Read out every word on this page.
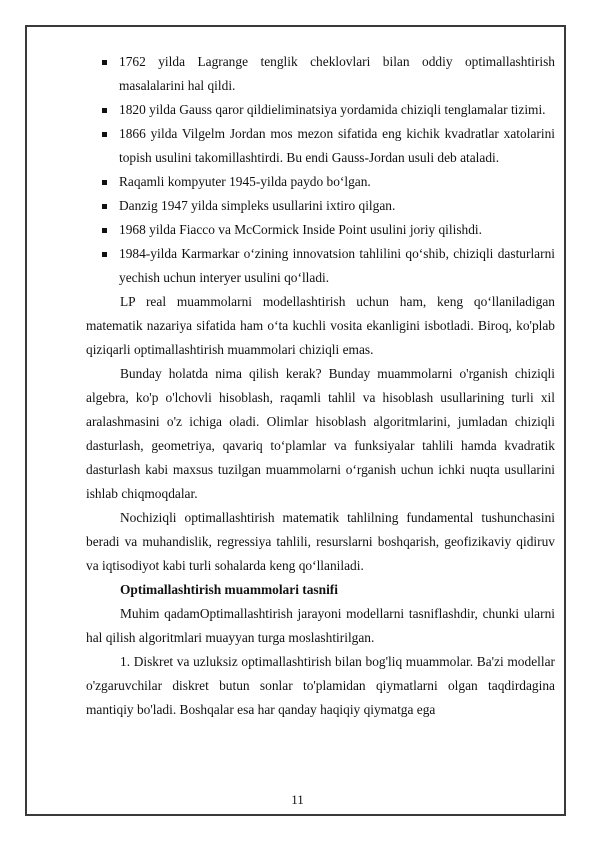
1762 yilda Lagrange tenglik cheklovlari bilan oddiy optimallashtirish masalalarini hal qildi.
1820 yilda Gauss qaror qildieliminatsiya yordamida chiziqli tenglamalar tizimi.
1866 yilda Vilgelm Jordan mos mezon sifatida eng kichik kvadratlar xatolarini topish usulini takomillashtirdi. Bu endi Gauss-Jordan usuli deb ataladi.
Raqamli kompyuter 1945-yilda paydo bo‘lgan.
Danzig 1947 yilda simpleks usullarini ixtiro qilgan.
1968 yilda Fiacco va McCormick Inside Point usulini joriy qilishdi.
1984-yilda Karmarkar o‘zining innovatsion tahlilini qo‘shib, chiziqli dasturlarni yechish uchun interyer usulini qo‘lladi.

LP real muammolarni modellashtirish uchun ham, keng qo‘llaniladigan matematik nazariya sifatida ham o‘ta kuchli vosita ekanligini isbotladi. Biroq, ko'plab qiziqarli optimallashtirish muammolari chiziqli emas.

Bunday holatda nima qilish kerak? Bunday muammolarni o'rganish chiziqli algebra, ko'p o'lchovli hisoblash, raqamli tahlil va hisoblash usullarining turli xil aralashmasini o'z ichiga oladi. Olimlar hisoblash algoritmlarini, jumladan chiziqli dasturlash, geometriya, qavariq to‘plamlar va funksiyalar tahlili hamda kvadratik dasturlash kabi maxsus tuzilgan muammolarni o‘rganish uchun ichki nuqta usullarini ishlab chiqmoqdalar.

Nochiziqli optimallashtirish matematik tahlilning fundamental tushunchasini beradi va muhandislik, regressiya tahlili, resurslarni boshqarish, geofizikaviy qidiruv va iqtisodiyot kabi turli sohalarda keng qo‘llaniladi.

Optimallashtirish muammolari tasnifi

Muhim qadamOptimallashtirish jarayoni modellarni tasniflashdir, chunki ularni hal qilish algoritmlari muayyan turga moslashtirilgan.

1. Diskret va uzluksiz optimallashtirish bilan bog'liq muammolar. Ba'zi modellar o'zgaruvchilar diskret butun sonlar to'plamidan qiymatlarni olgan taqdirdagina mantiqiy bo'ladi. Boshqalar esa har qanday haqiqiy qiymatga ega

11
